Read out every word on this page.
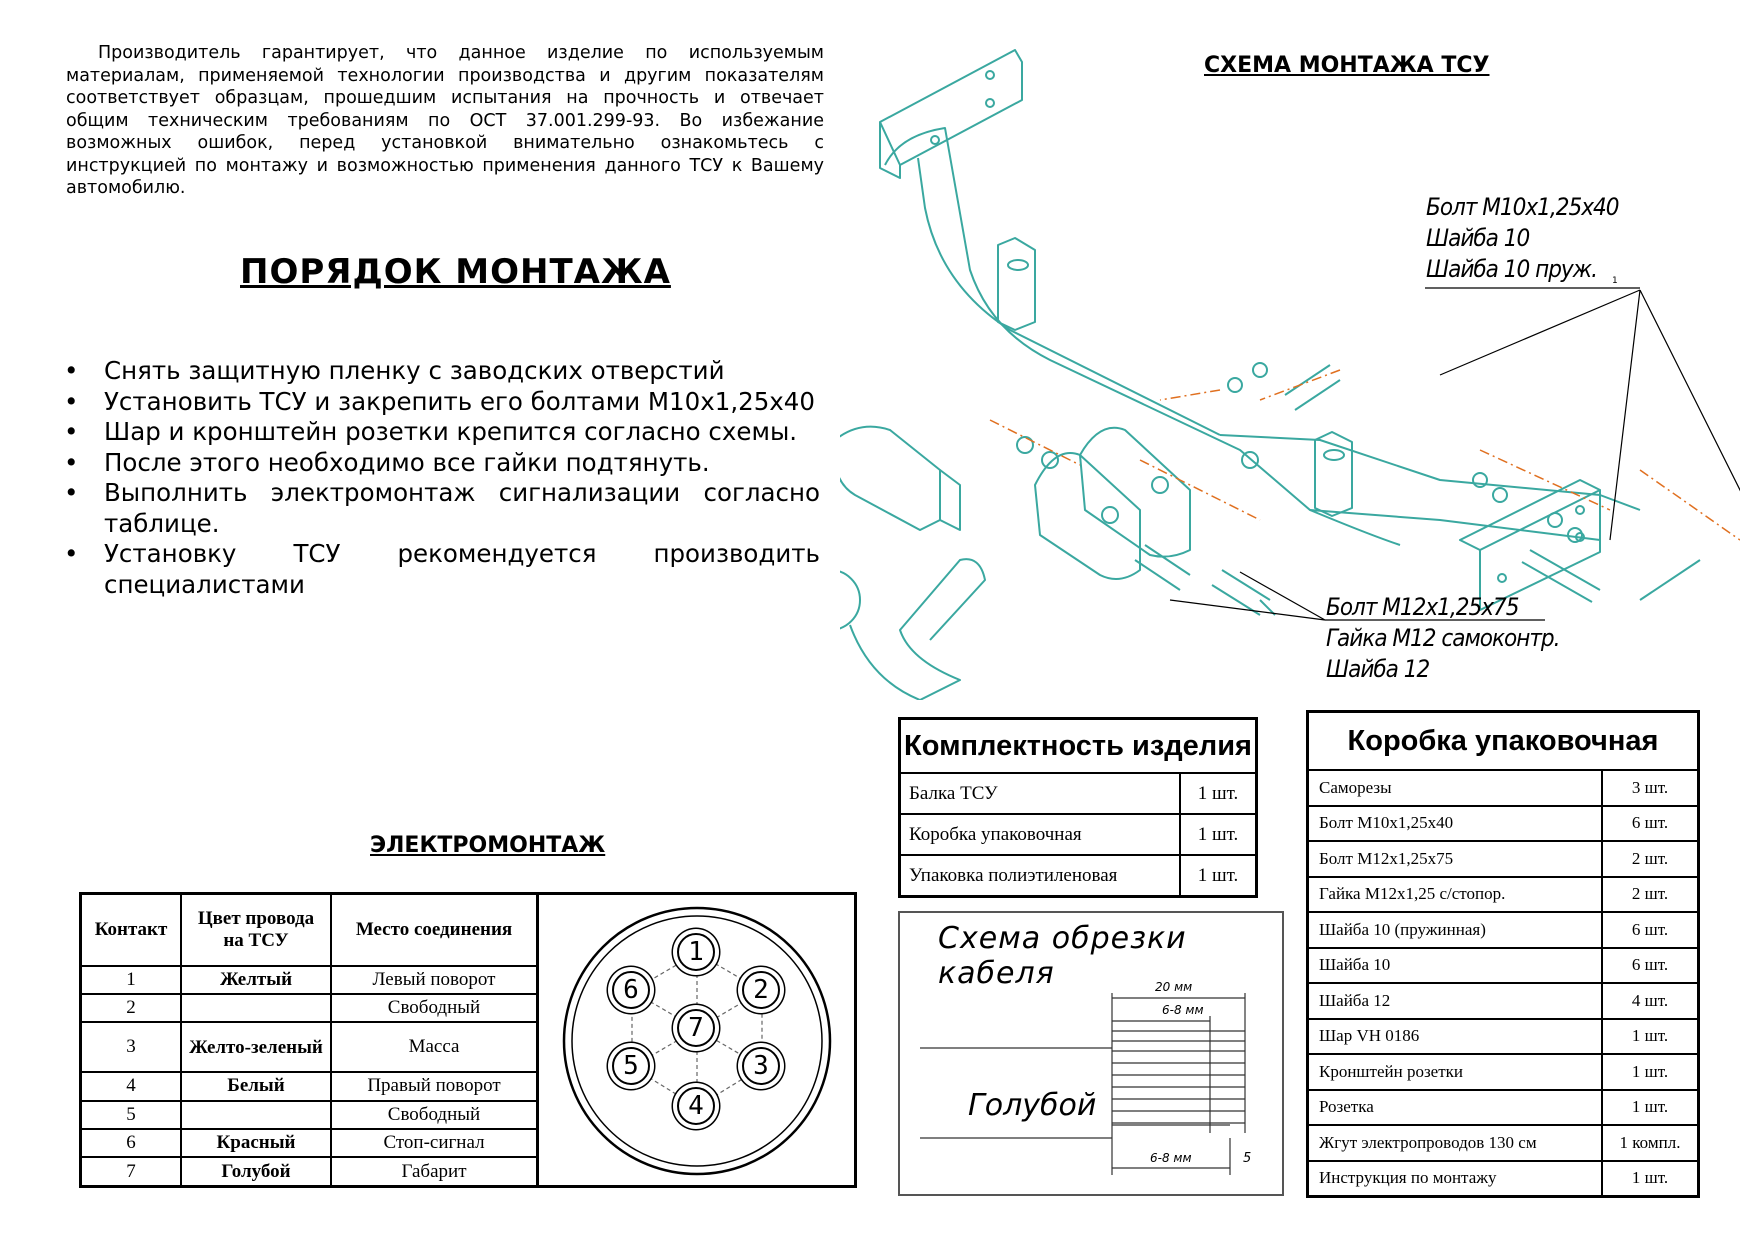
Производитель гарантирует, что данное изделие по используемым материалам, применяемой технологии производства и другим показателям соответствует образцам, прошедшим испытания на прочность и отвечает общим техническим требованиям по ОСТ 37.001.299-93. Во избежание возможных ошибок, перед установкой внимательно ознакомьтесь с инструкцией по монтажу и возможностью применения данного ТСУ к Вашему автомобилю.
ПОРЯДОК МОНТАЖА
• Снять защитную пленку с заводских отверстий
• Установить ТСУ и закрепить его болтами М10х1,25х40
• Шар и кронштейн розетки крепится согласно схемы.
• После этого необходимо все гайки подтянуть.
• Выполнить электромонтаж сигнализации согласно таблице.
• Установку ТСУ рекомендуется производить специалистами
СХЕМА МОНТАЖА ТСУ
Болт М10х1,25х40
Шайба 10
Шайба 10 пруж.	1
Болт М12х1,25х75
Гайка М12 самоконтр.
Шайба 12
Комплектность изделия	
Балка ТСУ	1 шт.
Коробка упаковочная	1 шт.
Упаковка полиэтиленовая	1 шт.
Схема обрезки кабеля	20 мм
6-8 мм
6-8 мм	5
Голубой
Коробка упаковочная	
Саморезы	3 шт.
Болт М10х1,25х40	6 шт.
Болт М12х1,25х75	2 шт.
Гайка М12х1,25 с/стопор.	2 шт.
Шайба 10 (пружинная)	6 шт.
Шайба 10	6 шт.
Шайба 12	4 шт.
Шар VH 0186	1 шт.
Кронштейн розетки	1 шт.
Розетка	1 шт.
Жгут электропроводов 130 см	1 компл.
Инструкция по монтажу	1 шт.
ЭЛЕКТРОМОНТАЖ
Контакт	Цвет провода на ТСУ	Место соединения
1	Желтый	Левый поворот
2		Свободный
3	Желто-зеленый	Масса
4	Белый	Правый поворот
5		Свободный
6	Красный	Стоп-сигнал
7	Голубой	Габарит
1
2
3
4
5
6
7
